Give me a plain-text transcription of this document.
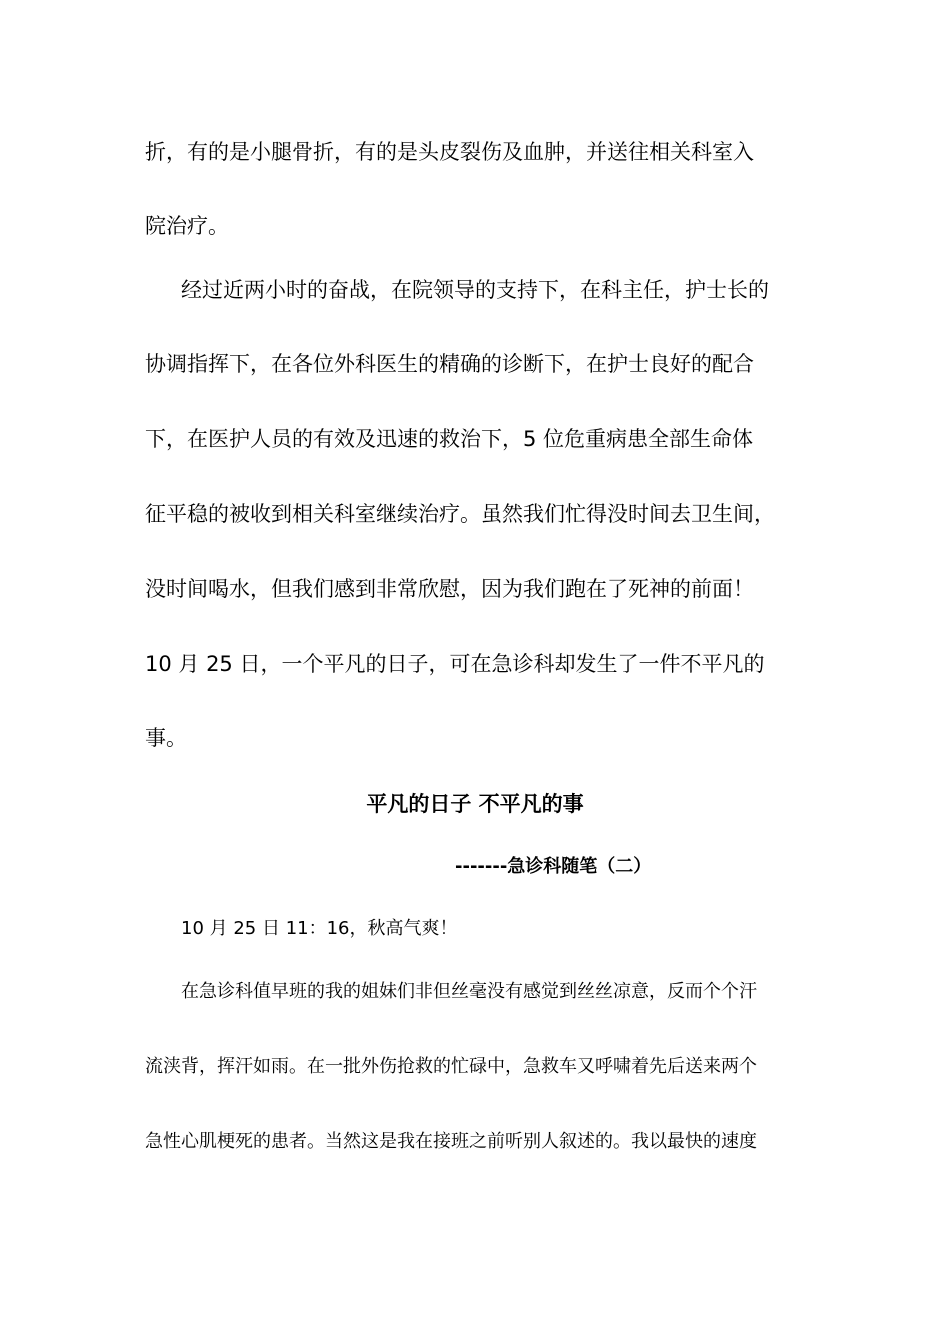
折，有的是小腿骨折，有的是头皮裂伤及血肿，并送往相关科室入
院治疗。
经过近两小时的奋战，在院领导的支持下，在科主任，护士长的
协调指挥下，在各位外科医生的精确的诊断下，在护士良好的配合
下，在医护人员的有效及迅速的救治下，5 位危重病患全部生命体
征平稳的被收到相关科室继续治疗。虽然我们忙得没时间去卫生间，
没时间喝水，但我们感到非常欣慰，因为我们跑在了死神的前面！
10 月 25 日，一个平凡的日子，可在急诊科却发生了一件不平凡的
事。
平凡的日子 不平凡的事
-------急诊科随笔（二）
10 月 25 日 11：16，秋高气爽！
在急诊科值早班的我的姐妹们非但丝毫没有感觉到丝丝凉意，反而个个汗
流浃背，挥汗如雨。在一批外伤抢救的忙碌中，急救车又呼啸着先后送来两个
急性心肌梗死的患者。当然这是我在接班之前听别人叙述的。我以最快的速度
